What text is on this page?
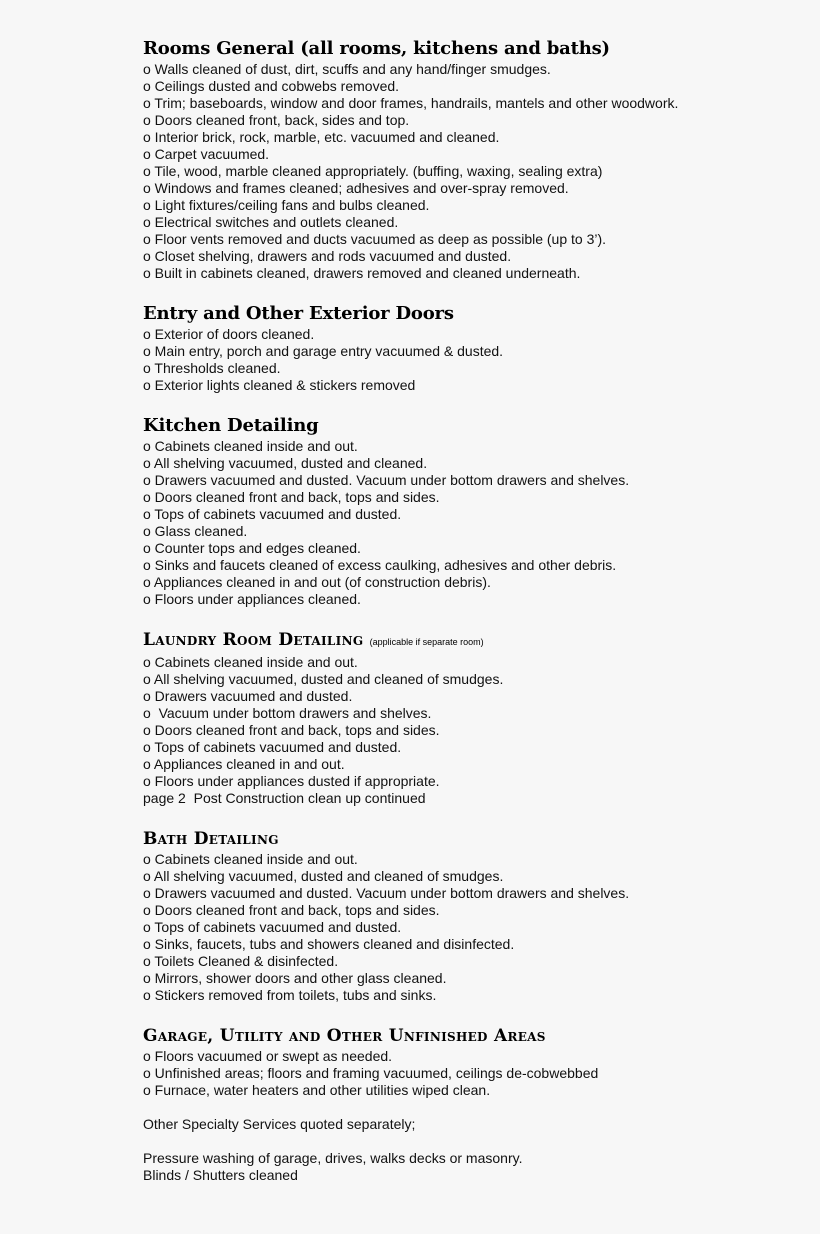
Rooms General (all rooms, kitchens and baths)
o Walls cleaned of dust, dirt, scuffs and any hand/finger smudges.
o Ceilings dusted and cobwebs removed.
o Trim; baseboards, window and door frames, handrails, mantels and other woodwork.
o Doors cleaned front, back, sides and top.
o Interior brick, rock, marble, etc. vacuumed and cleaned.
o Carpet vacuumed.
o Tile, wood, marble cleaned appropriately. (buffing, waxing, sealing extra)
o Windows and frames cleaned; adhesives and over-spray removed.
o Light fixtures/ceiling fans and bulbs cleaned.
o Electrical switches and outlets cleaned.
o Floor vents removed and ducts vacuumed as deep as possible (up to 3’).
o Closet shelving, drawers and rods vacuumed and dusted.
o Built in cabinets cleaned, drawers removed and cleaned underneath.
Entry and Other Exterior Doors
o Exterior of doors cleaned.
o Main entry, porch and garage entry vacuumed & dusted.
o Thresholds cleaned.
o Exterior lights cleaned & stickers removed
Kitchen Detailing
o Cabinets cleaned inside and out.
o All shelving vacuumed, dusted and cleaned.
o Drawers vacuumed and dusted. Vacuum under bottom drawers and shelves.
o Doors cleaned front and back, tops and sides.
o Tops of cabinets vacuumed and dusted.
o Glass cleaned.
o Counter tops and edges cleaned.
o Sinks and faucets cleaned of excess caulking, adhesives and other debris.
o Appliances cleaned in and out (of construction debris).
o Floors under appliances cleaned.
Laundry Room Detailing (applicable if separate room)
o Cabinets cleaned inside and out.
o All shelving vacuumed, dusted and cleaned of smudges.
o Drawers vacuumed and dusted.
o  Vacuum under bottom drawers and shelves.
o Doors cleaned front and back, tops and sides.
o Tops of cabinets vacuumed and dusted.
o Appliances cleaned in and out.
o Floors under appliances dusted if appropriate.
page 2  Post Construction clean up continued
Bath Detailing
o Cabinets cleaned inside and out.
o All shelving vacuumed, dusted and cleaned of smudges.
o Drawers vacuumed and dusted. Vacuum under bottom drawers and shelves.
o Doors cleaned front and back, tops and sides.
o Tops of cabinets vacuumed and dusted.
o Sinks, faucets, tubs and showers cleaned and disinfected.
o Toilets Cleaned & disinfected.
o Mirrors, shower doors and other glass cleaned.
o Stickers removed from toilets, tubs and sinks.
Garage, Utility and Other Unfinished Areas
o Floors vacuumed or swept as needed.
o Unfinished areas; floors and framing vacuumed, ceilings de-cobwebbed
o Furnace, water heaters and other utilities wiped clean.

Other Specialty Services quoted separately;

Pressure washing of garage, drives, walks decks or masonry.

Blinds / Shutters cleaned
